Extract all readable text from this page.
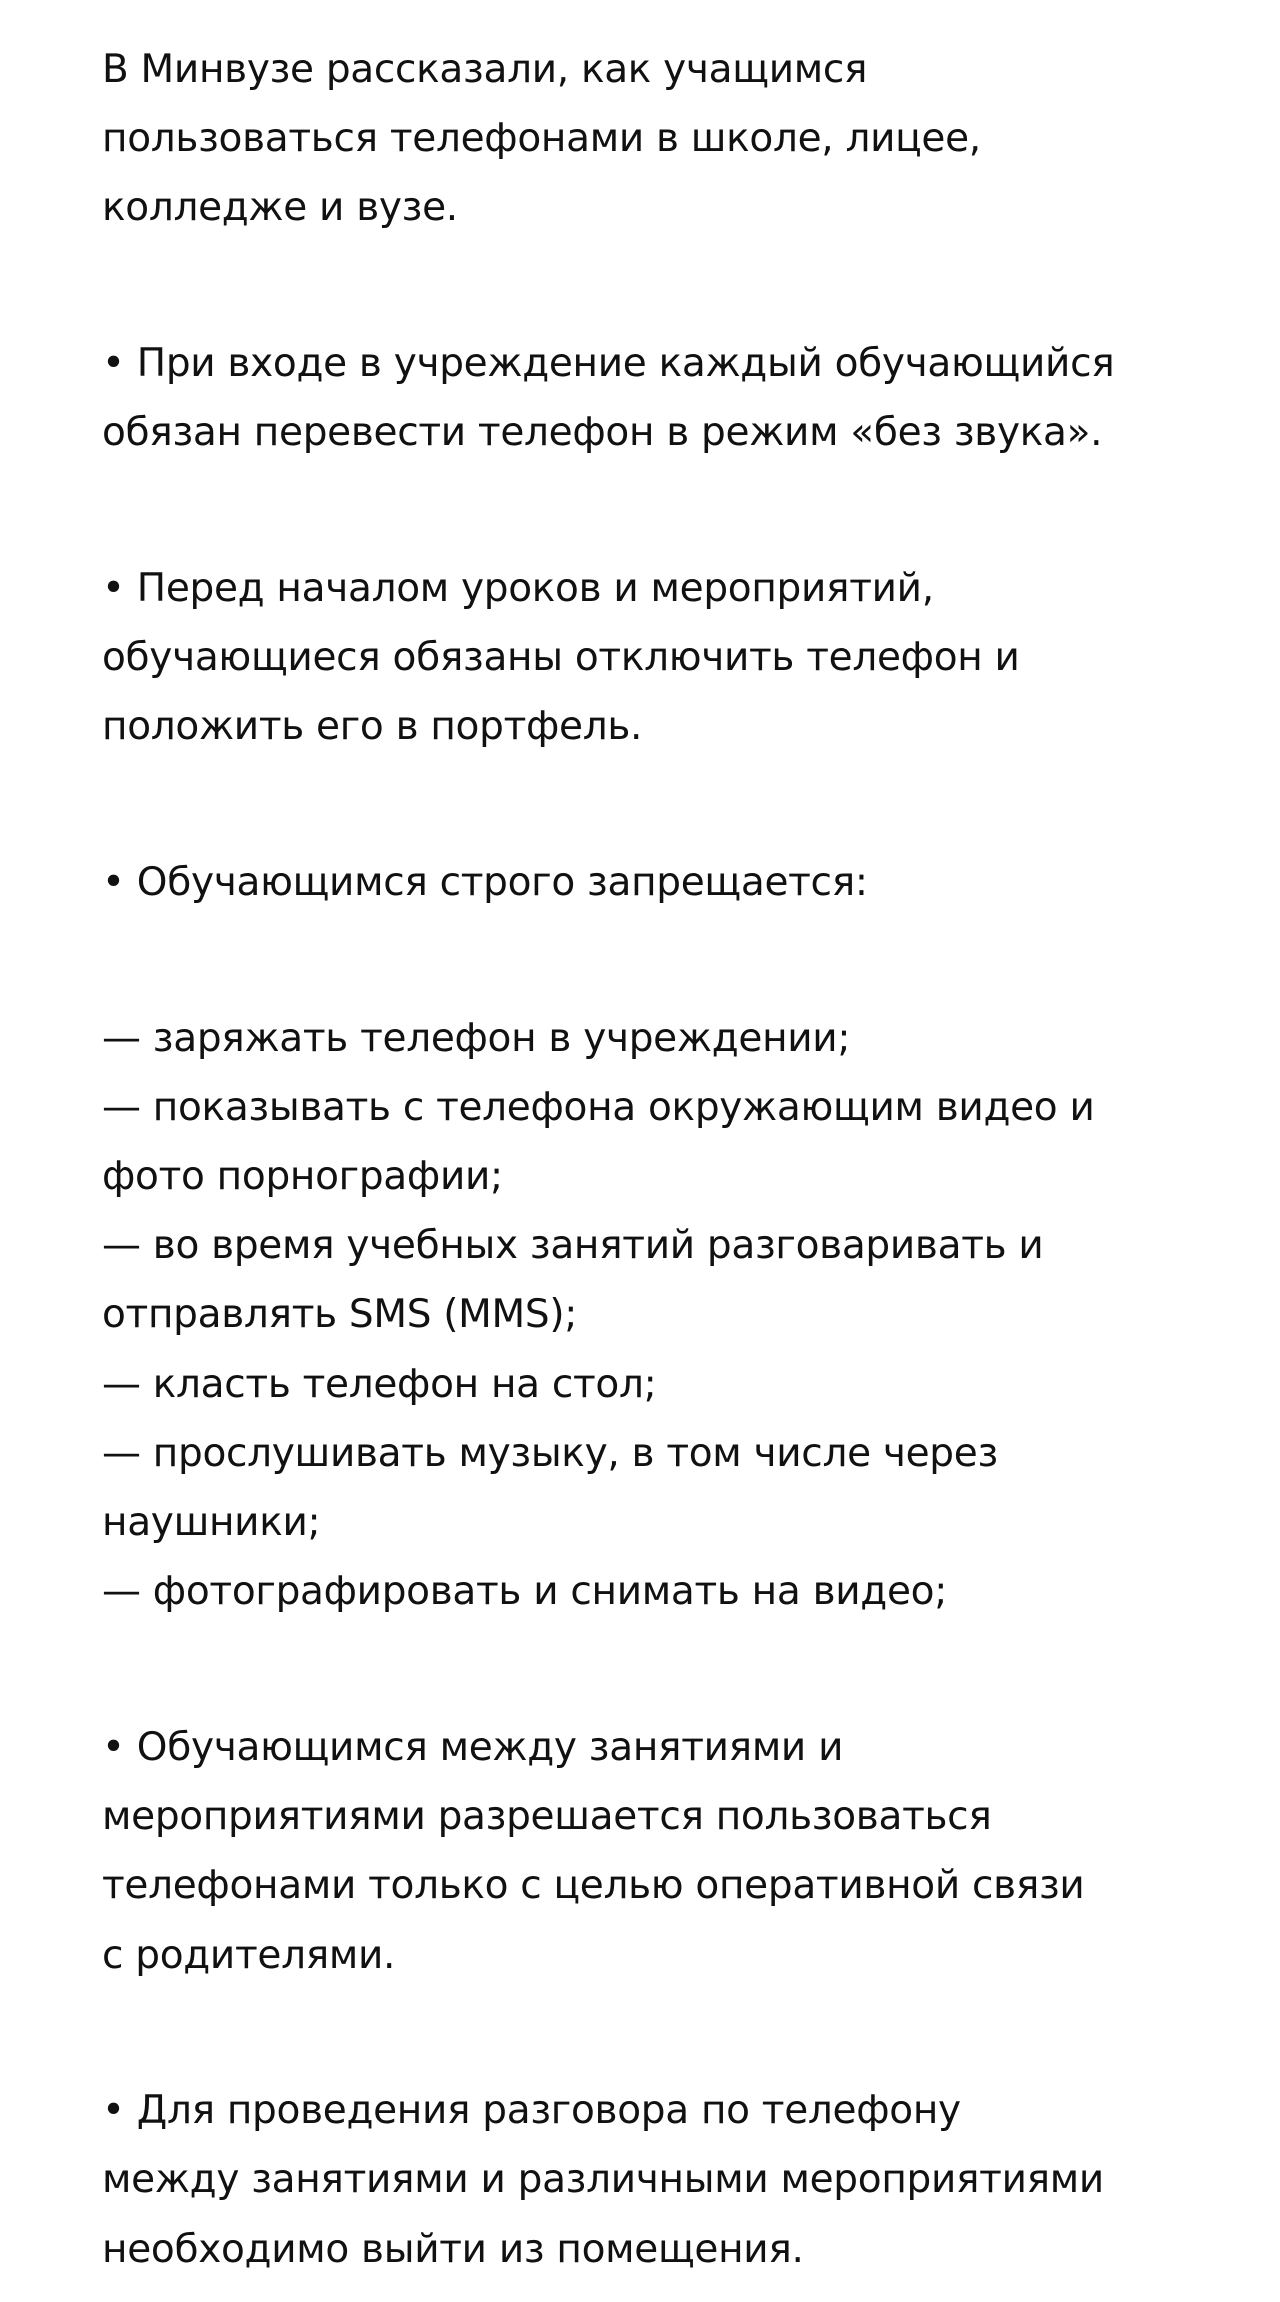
В Минвузе рассказали, как учащимся

пользоваться телефонами в школе, лицее,

колледже и вузе.

• При входе в учреждение каждый обучающийся

обязан перевести телефон в режим «без звука».

• Перед началом уроков и мероприятий,

обучающиеся обязаны отключить телефон и

положить его в портфель.

• Обучающимся строго запрещается:

— заряжать телефон в учреждении;

— показывать с телефона окружающим видео и

фото порнографии;

— во время учебных занятий разговаривать и

отправлять SMS (MMS);

— класть телефон на стол;

— прослушивать музыку, в том числе через

наушники;

— фотографировать и снимать на видео;

• Обучающимся между занятиями и

мероприятиями разрешается пользоваться

телефонами только с целью оперативной связи

с родителями.

• Для проведения разговора по телефону

между занятиями и различными мероприятиями

необходимо выйти из помещения.
